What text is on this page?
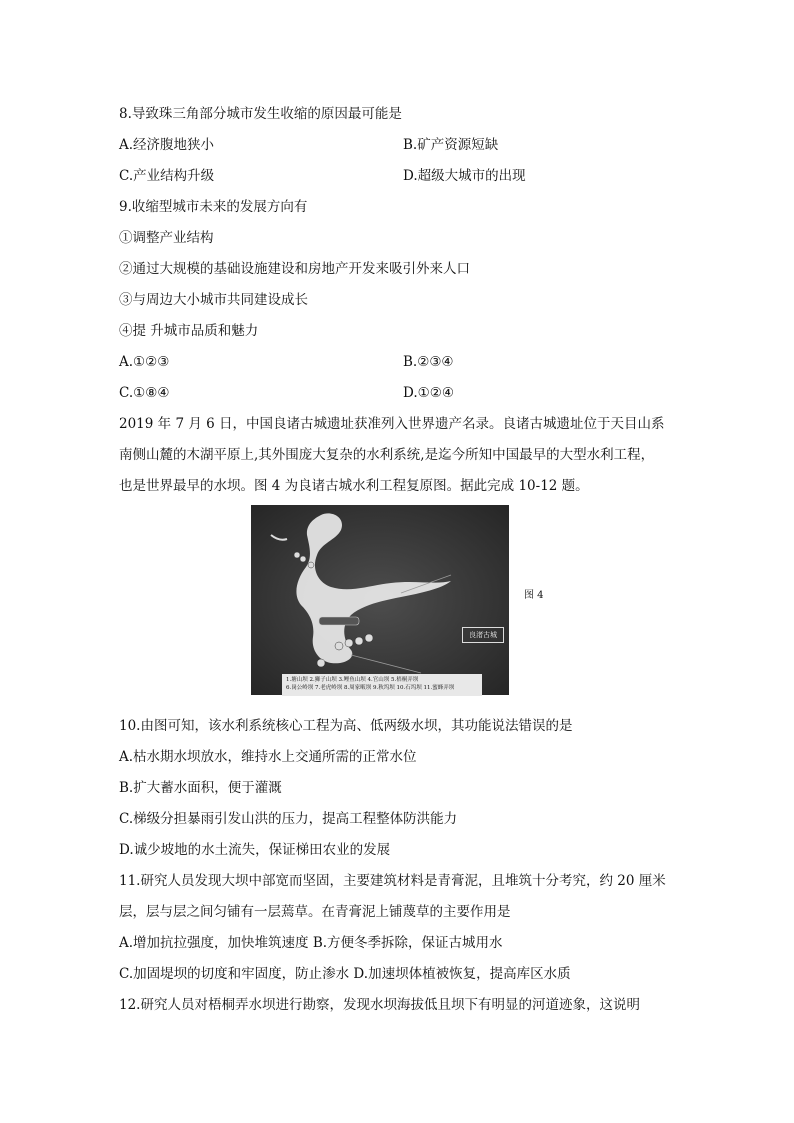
8.导致珠三角部分城市发生收缩的原因最可能是
A.经济腹地狭小	B.矿产资源短缺
C.产业结构升级	D.超级大城市的出现
9.收缩型城市未来的发展方向有
①调整产业结构
②通过大规模的基础设施建设和房地产开发来吸引外来人口
③与周边大小城市共同建设成长
④提 升城市品质和魅力
A.①②③	B.②③④
C.①⑧④	D.①②④
2019 年 7 月 6 日，中国良诸古城遗址获准列入世界遗产名录。良诸古城遗址位于天目山系
南侧山麓的木湖平原上,其外围庞大复杂的水利系统,是迄今所知中国最早的大型水利工程，
也是世界最早的水坝。图 4 为良诸古城水利工程复原图。据此完成 10-12 题。
良渚古城
1.塘山坝 2.狮子山坝 3.鲤鱼山坝 4.官山坝 5.梧桐弄坝
6.岗公岭坝 7.老虎岭坝 8.周家畈坝 9.秋坞坝 10.石坞坝 11.蜜蜂弄坝
图 4
10.由图可知，该水利系统核心工程为高、低两级水坝，其功能说法错误的是
A.枯水期水坝放水，维持水上交通所需的正常水位
B.扩大蓄水面积，便于灌溉
C.梯级分担暴雨引发山洪的压力，提高工程整体防洪能力
D.诚少坡地的水土流失，保证梯田农业的发展
11.研究人员发现大坝中部宽而坚固，主要建筑材料是青膏泥，且堆筑十分考究，约 20 厘米
层，层与层之间匀铺有一层蔫草。在青膏泥上铺蔑草的主要作用是
A.增加抗拉强度，加快堆筑速度 B.方便冬季拆除，保证古城用水
C.加固堤坝的切度和牢固度，防止渗水 D.加速坝体植被恢复，提高库区水质
12.研究人员对梧桐弄水坝进行勘察，发现水坝海拔低且坝下有明显的河道迹象，这说明
